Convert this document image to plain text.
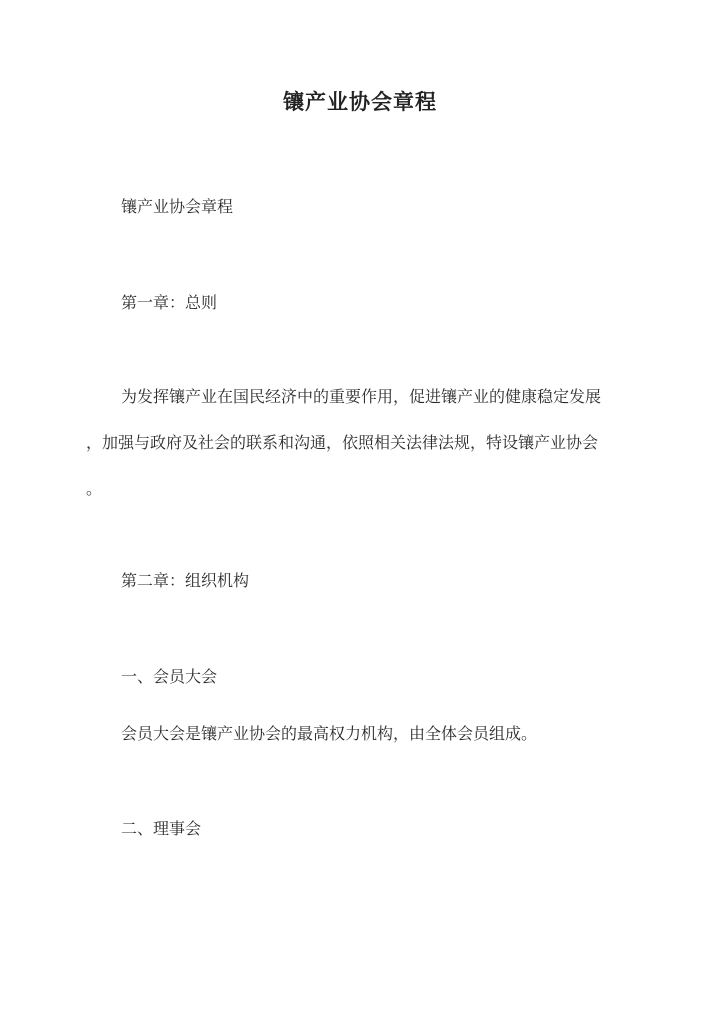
镶产业协会章程
镶产业协会章程
第一章：总则
为发挥镶产业在国民经济中的重要作用，促进镶产业的健康稳定发展
，加强与政府及社会的联系和沟通，依照相关法律法规，特设镶产业协会
。
第二章：组织机构
一、会员大会
会员大会是镶产业协会的最高权力机构，由全体会员组成。
二、理事会
